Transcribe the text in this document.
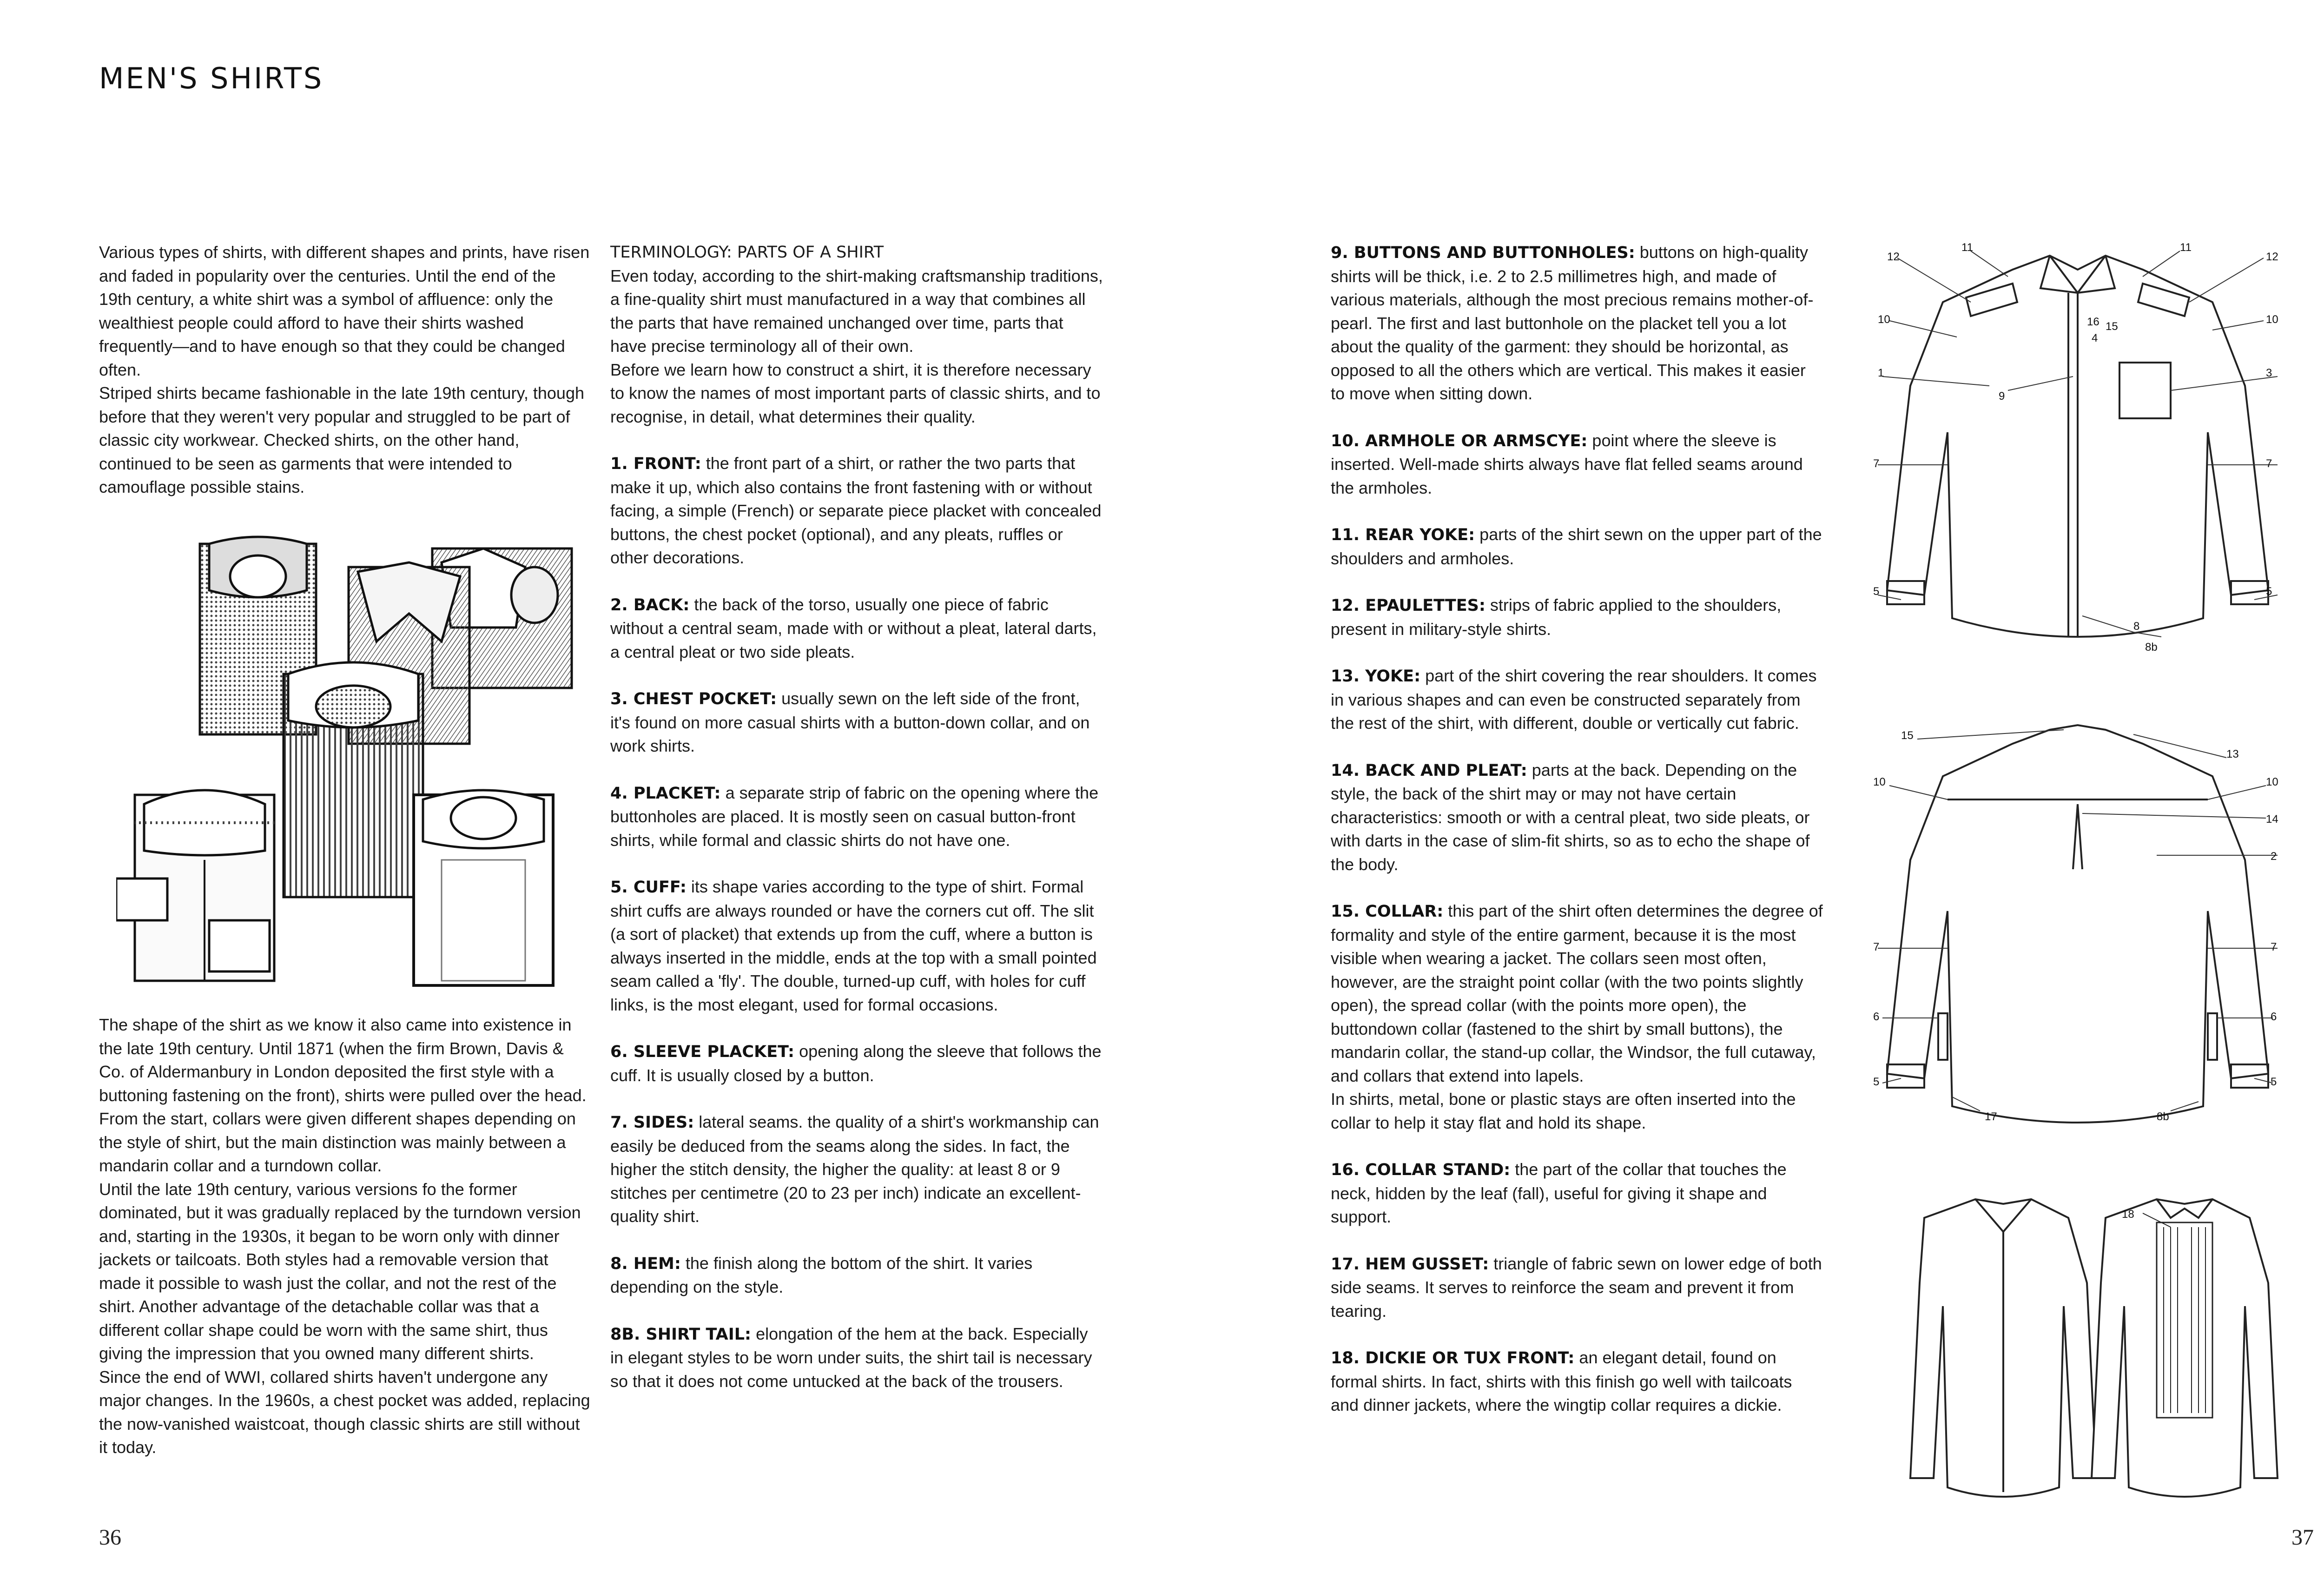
MEN'S SHIRTS

Various types of shirts, with different shapes and prints, have risen and faded in popularity over the centuries. Until the end of the 19th century, a white shirt was a symbol of affluence: only the wealthiest people could afford to have their shirts washed frequently—and to have enough so that they could be changed often.

Striped shirts became fashionable in the late 19th century, though before that they weren't very popular and struggled to be part of classic city workwear. Checked shirts, on the other hand, continued to be seen as garments that were intended to camouflage possible stains.

The shape of the shirt as we know it also came into existence in the late 19th century. Until 1871 (when the firm Brown, Davis & Co. of Aldermanbury in London deposited the first style with a buttoning fastening on the front), shirts were pulled over the head. From the start, collars were given different shapes depending on the style of shirt, but the main distinction was mainly between a mandarin collar and a turndown collar.

Until the late 19th century, various versions fo the former dominated, but it was gradually replaced by the turndown version and, starting in the 1930s, it began to be worn only with dinner jackets or tailcoats. Both styles had a removable version that made it possible to wash just the collar, and not the rest of the shirt. Another advantage of the detachable collar was that a different collar shape could be worn with the same shirt, thus giving the impression that you owned many different shirts.

Since the end of WWI, collared shirts haven't undergone any major changes. In the 1960s, a chest pocket was added, replacing the now-vanished waistcoat, though classic shirts are still without it today.

TERMINOLOGY: PARTS OF A SHIRT

Even today, according to the shirt-making craftsmanship traditions, a fine-quality shirt must manufactured in a way that combines all the parts that have remained unchanged over time, parts that have precise terminology all of their own.

Before we learn how to construct a shirt, it is therefore necessary to know the names of most important parts of classic shirts, and to recognise, in detail, what determines their quality.

1. FRONT: the front part of a shirt, or rather the two parts that make it up, which also contains the front fastening with or without facing, a simple (French) or separate piece placket with concealed buttons, the chest pocket (optional), and any pleats, ruffles or other decorations.

2. BACK: the back of the torso, usually one piece of fabric without a central seam, made with or without a pleat, lateral darts, a central pleat or two side pleats.

3. CHEST POCKET: usually sewn on the left side of the front, it's found on more casual shirts with a button-down collar, and on work shirts.

4. PLACKET: a separate strip of fabric on the opening where the buttonholes are placed. It is mostly seen on casual button-front shirts, while formal and classic shirts do not have one.

5. CUFF: its shape varies according to the type of shirt. Formal shirt cuffs are always rounded or have the corners cut off. The slit (a sort of placket) that extends up from the cuff, where a button is always inserted in the middle, ends at the top with a small pointed seam called a 'fly'. The double, turned-up cuff, with holes for cuff links, is the most elegant, used for formal occasions.

6. SLEEVE PLACKET: opening along the sleeve that follows the cuff. It is usually closed by a button.

7. SIDES: lateral seams. the quality of a shirt's workmanship can easily be deduced from the seams along the sides. In fact, the higher the stitch density, the higher the quality: at least 8 or 9 stitches per centimetre (20 to 23 per inch) indicate an excellent-quality shirt.

8. HEM: the finish along the bottom of the shirt. It varies depending on the style.

8B. SHIRT TAIL: elongation of the hem at the back. Especially in elegant styles to be worn under suits, the shirt tail is necessary so that it does not come untucked at the back of the trousers.

9. BUTTONS AND BUTTONHOLES: buttons on high-quality shirts will be thick, i.e. 2 to 2.5 millimetres high, and made of various materials, although the most precious remains mother-of-pearl. The first and last buttonhole on the placket tell you a lot about the quality of the garment: they should be horizontal, as opposed to all the others which are vertical. This makes it easier to move when sitting down.

10. ARMHOLE OR ARMSCYE: point where the sleeve is inserted. Well-made shirts always have flat felled seams around the armholes.

11. REAR YOKE: parts of the shirt sewn on the upper part of the shoulders and armholes.

12. EPAULETTES: strips of fabric applied to the shoulders, present in military-style shirts.

13. YOKE: part of the shirt covering the rear shoulders. It comes in various shapes and can even be constructed separately from the rest of the shirt, with different, double or vertically cut fabric.

14. BACK AND PLEAT: parts at the back. Depending on the style, the back of the shirt may or may not have certain characteristics: smooth or with a central pleat, two side pleats, or with darts in the case of slim-fit shirts, so as to echo the shape of the body.

15. COLLAR: this part of the shirt often determines the degree of formality and style of the entire garment, because it is the most visible when wearing a jacket. The collars seen most often, however, are the straight point collar (with the two points slightly open), the spread collar (with the points more open), the buttondown collar (fastened to the shirt by small buttons), the mandarin collar, the stand-up collar, the Windsor, the full cutaway, and collars that extend into lapels.

In shirts, metal, bone or plastic stays are often inserted into the collar to help it stay flat and hold its shape.

16. COLLAR STAND: the part of the collar that touches the neck, hidden by the leaf (fall), useful for giving it shape and support.

17. HEM GUSSET: triangle of fabric sewn on lower edge of both side seams. It serves to reinforce the seam and prevent it from tearing.

18. DICKIE OR TUX FRONT: an elegant detail, found on formal shirts. In fact, shirts with this finish go well with tailcoats and dinner jackets, where the wingtip collar requires a dickie.

12
11	11
12
10	16 15
4
10
1	3
9
7	7
5
8
5
8b
15
13
10	10
14
2
7	7
6	6
5
17	8b
5
18
36	37
